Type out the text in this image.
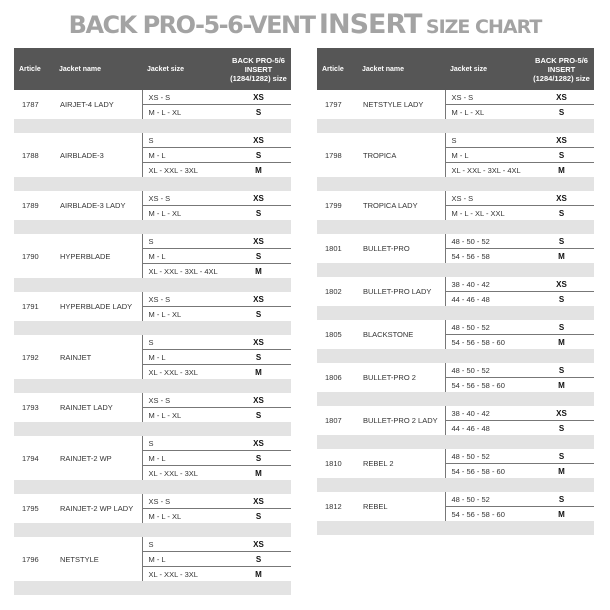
BACK PRO-5-6-VENT INSERT SIZE CHART
Article	Jacket name	Jacket size	BACK PRO-5/6 INSERT (1284/1282) size
1787	AIRJET-4 LADY	XS - S	XS
		M - L - XL	S

1788	AIRBLADE-3	S	XS
		M - L	S
		XL - XXL - 3XL	M

1789	AIRBLADE-3 LADY	XS - S	XS
		M - L - XL	S

1790	HYPERBLADE	S	XS
		M - L	S
		XL - XXL - 3XL - 4XL	M

1791	HYPERBLADE LADY	XS - S	XS
		M - L - XL	S

1792	RAINJET	S	XS
		M - L	S
		XL - XXL - 3XL	M

1793	RAINJET LADY	XS - S	XS
		M - L - XL	S

1794	RAINJET-2 WP	S	XS
		M - L	S
		XL - XXL - 3XL	M

1795	RAINJET-2 WP LADY	XS - S	XS
		M - L - XL	S

1796	NETSTYLE	S	XS
		M - L	S
		XL - XXL - 3XL	M

Article	Jacket name	Jacket size	BACK PRO-5/6 INSERT (1284/1282) size
1797	NETSTYLE LADY	XS - S	XS
		M - L - XL	S

1798	TROPICA	S	XS
		M - L	S
		XL - XXL - 3XL - 4XL	M

1799	TROPICA LADY	XS - S	XS
		M - L - XL - XXL	S

1801	BULLET-PRO	48 - 50 - 52	S
		54 - 56 - 58	M

1802	BULLET-PRO LADY	38 - 40 - 42	XS
		44 - 46 - 48	S

1805	BLACKSTONE	48 - 50 - 52	S
		54 - 56 - 58 - 60	M

1806	BULLET-PRO 2	48 - 50 - 52	S
		54 - 56 - 58 - 60	M

1807	BULLET-PRO 2 LADY	38 - 40 - 42	XS
		44 - 46 - 48	S

1810	REBEL 2	48 - 50 - 52	S
		54 - 56 - 58 - 60	M

1812	REBEL	48 - 50 - 52	S
		54 - 56 - 58 - 60	M
